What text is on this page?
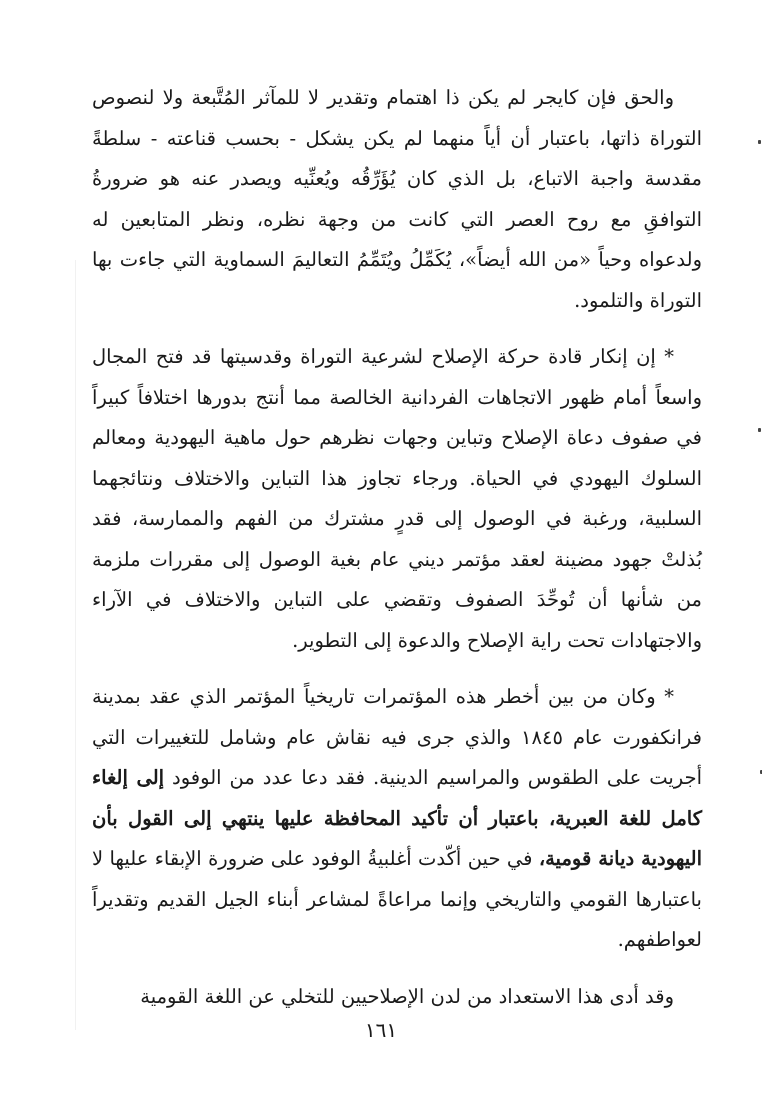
والحق فإن كايجر لم يكن ذا اهتمام وتقدير لا للمآثر المُتَّبعة ولا لنصوص التوراة ذاتها، باعتبار أن أياً منهما لم يكن يشكل - بحسب قناعته - سلطةً مقدسة واجبة الاتباع، بل الذي كان يُؤَرِّقُه ويُعنِّيه ويصدر عنه هو ضرورةُ التوافقِ مع روح العصر التي كانت من وجهة نظره، ونظر المتابعين له ولدعواه وحياً «من الله أيضاً»، يُكَمِّلُ ويُتَمِّمُ التعاليمَ السماوية التي جاءت بها التوراة والتلمود.

* إن إنكار قادة حركة الإصلاح لشرعية التوراة وقدسيتها قد فتح المجال واسعاً أمام ظهور الاتجاهات الفردانية الخالصة مما أنتج بدورها اختلافاً كبيراً في صفوف دعاة الإصلاح وتباين وجهات نظرهم حول ماهية اليهودية ومعالم السلوك اليهودي في الحياة. ورجاء تجاوز هذا التباين والاختلاف ونتائجهما السلبية، ورغبة في الوصول إلى قدرٍ مشترك من الفهم والممارسة، فقد بُذلتْ جهود مضينة لعقد مؤتمر ديني عام بغية الوصول إلى مقررات ملزمة من شأنها أن تُوحِّدَ الصفوف وتقضي على التباين والاختلاف في الآراء والاجتهادات تحت راية الإصلاح والدعوة إلى التطوير.

* وكان من بين أخطر هذه المؤتمرات تاريخياً المؤتمر الذي عقد بمدينة فرانكفورت عام ١٨٤٥ والذي جرى فيه نقاش عام وشامل للتغييرات التي أجريت على الطقوس والمراسيم الدينية. فقد دعا عدد من الوفود إلى إلغاء كامل للغة العبرية، باعتبار أن تأكيد المحافظة عليها ينتهي إلى القول بأن اليهودية ديانة قومية، في حين أكّدت أغلبيةُ الوفود على ضرورة الإبقاء عليها لا باعتبارها القومي والتاريخي وإنما مراعاةً لمشاعر أبناء الجيل القديم وتقديراً لعواطفهم.

وقد أدى هذا الاستعداد من لدن الإصلاحيين للتخلي عن اللغة القومية

١٦١
